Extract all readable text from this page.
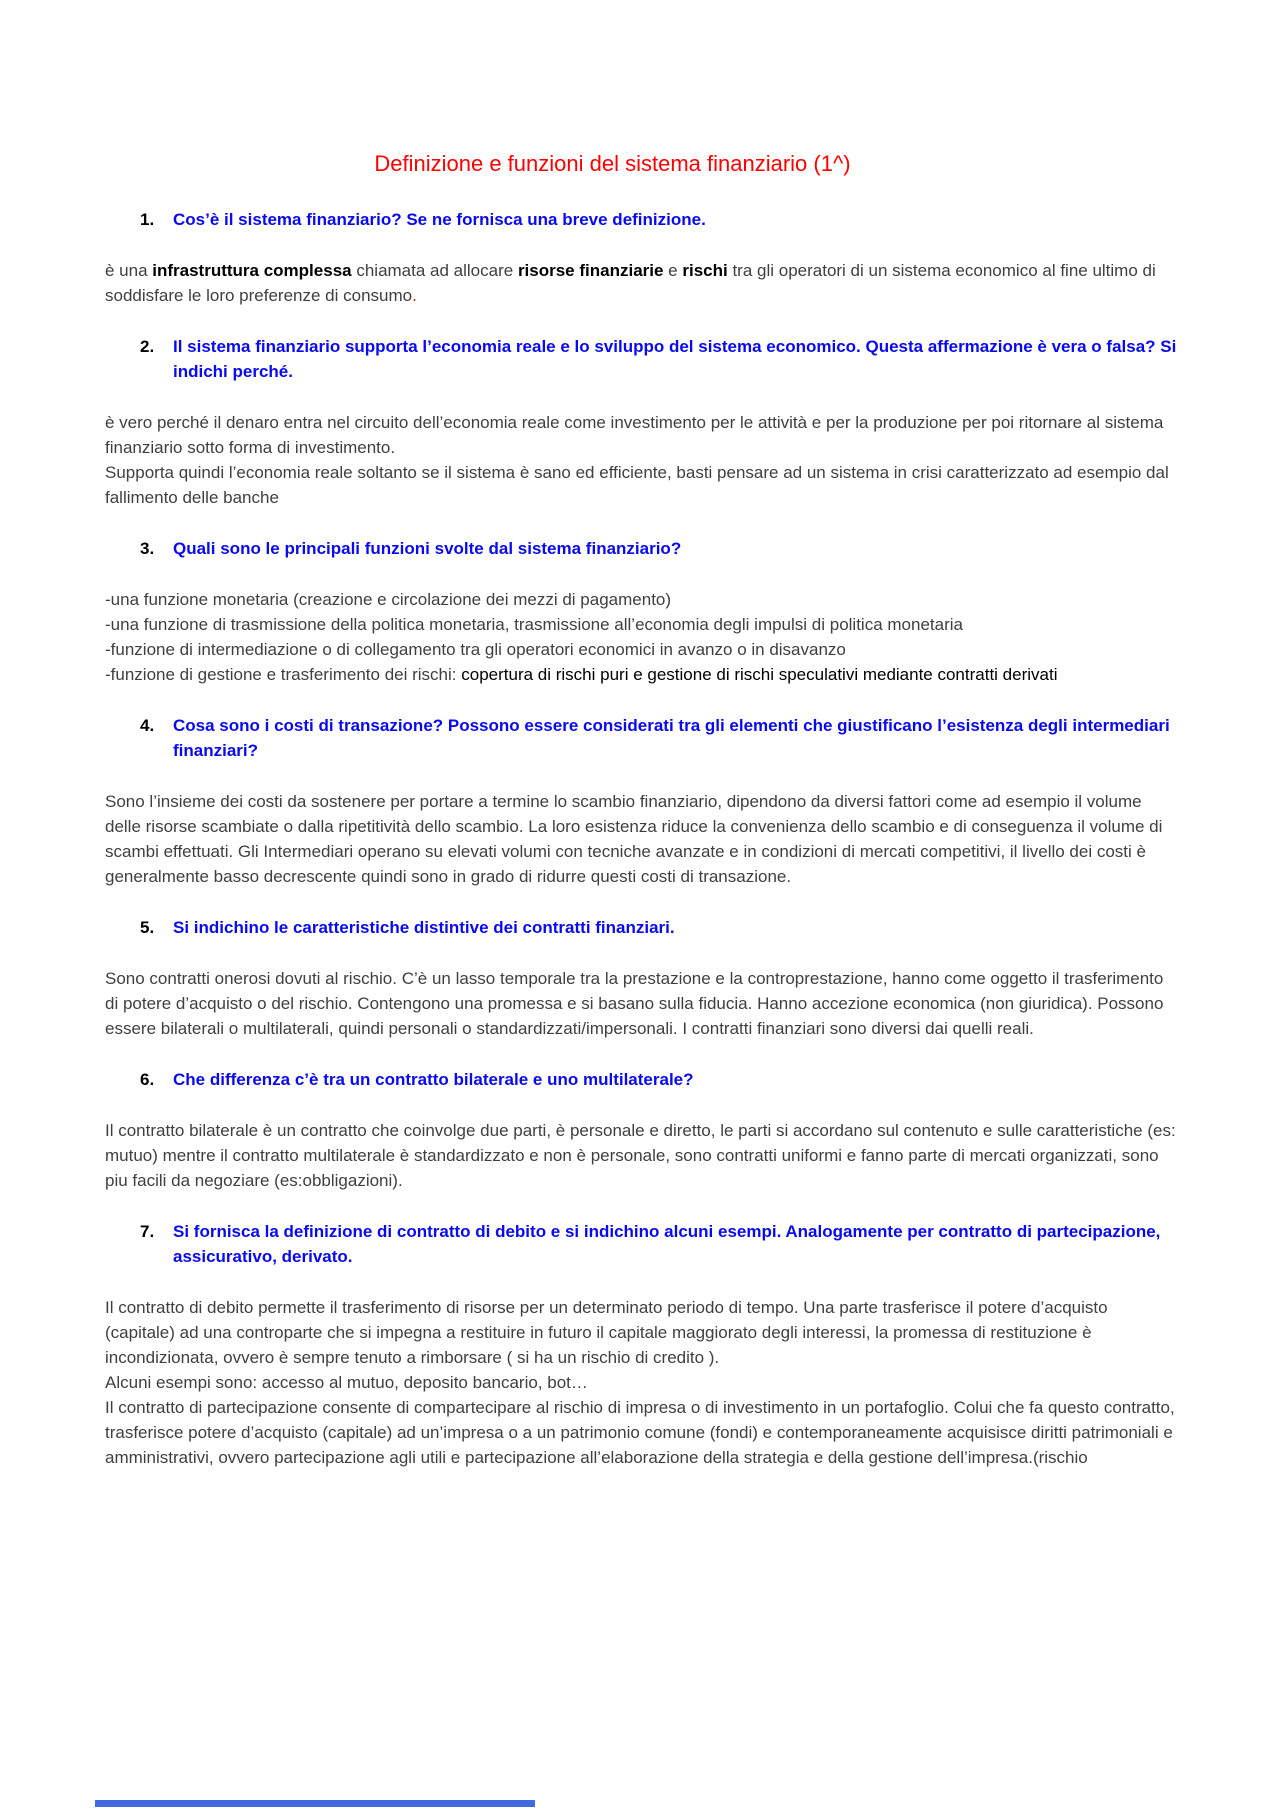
Definizione e funzioni del sistema finanziario (1^)
1.	Cos’è il sistema finanziario? Se ne fornisca una breve definizione.

è una infrastruttura complessa chiamata ad allocare risorse finanziarie e rischi tra gli operatori di un sistema economico al fine ultimo di soddisfare le loro preferenze di consumo.

2.	Il sistema finanziario supporta l’economia reale e lo sviluppo del sistema economico. Questa affermazione è vera o falsa? Si indichi perché.

è vero perché il denaro entra nel circuito dell’economia reale come investimento per le attività e per la produzione per poi ritornare al sistema finanziario sotto forma di investimento.

Supporta quindi l’economia reale soltanto se il sistema è sano ed efficiente, basti pensare ad un sistema in crisi caratterizzato ad esempio dal fallimento delle banche

3.	Quali sono le principali funzioni svolte dal sistema finanziario?

-una funzione monetaria (creazione e circolazione dei mezzi di pagamento)

-una funzione di trasmissione della politica monetaria, trasmissione all’economia degli impulsi di politica monetaria

-funzione di intermediazione o di collegamento tra gli operatori economici in avanzo o in disavanzo

-funzione di gestione e trasferimento dei rischi: copertura di rischi puri e gestione di rischi speculativi mediante contratti derivati

4.	Cosa sono i costi di transazione? Possono essere considerati tra gli elementi che giustificano l’esistenza degli intermediari finanziari?

Sono l’insieme dei costi da sostenere per portare a termine lo scambio finanziario, dipendono da diversi fattori come ad esempio il volume delle risorse scambiate o dalla ripetitività dello scambio. La loro esistenza riduce la convenienza dello scambio e di conseguenza il volume di scambi effettuati. Gli Intermediari operano su elevati volumi con tecniche avanzate e in condizioni di mercati competitivi, il livello dei costi è generalmente basso decrescente quindi sono in grado di ridurre questi costi di transazione.

5.	Si indichino le caratteristiche distintive dei contratti finanziari.

Sono contratti onerosi dovuti al rischio. C’è un lasso temporale tra la prestazione e la controprestazione, hanno come oggetto il trasferimento di potere d’acquisto o del rischio. Contengono una promessa e si basano sulla fiducia. Hanno accezione economica (non giuridica). Possono essere bilaterali o multilaterali, quindi personali o standardizzati/impersonali. I contratti finanziari sono diversi dai quelli reali.

6.	Che differenza c’è tra un contratto bilaterale e uno multilaterale?

Il contratto bilaterale è un contratto che coinvolge due parti, è personale e diretto, le parti si accordano sul contenuto e sulle caratteristiche (es: mutuo) mentre il contratto multilaterale è standardizzato e non è personale, sono contratti uniformi e fanno parte di mercati organizzati, sono piu facili da negoziare (es:obbligazioni).

7.	Si fornisca la definizione di contratto di debito e si indichino alcuni esempi. Analogamente per contratto di partecipazione, assicurativo, derivato.

Il contratto di debito permette il trasferimento di risorse per un determinato periodo di tempo. Una parte trasferisce il potere d’acquisto (capitale) ad una controparte che si impegna a restituire in futuro il capitale maggiorato degli interessi, la promessa di restituzione è incondizionata, ovvero è sempre tenuto a rimborsare ( si ha un rischio di credito ).

Alcuni esempi sono: accesso al mutuo, deposito bancario, bot…

Il contratto di partecipazione consente di compartecipare al rischio di impresa o di investimento in un portafoglio. Colui che fa questo contratto, trasferisce potere d’acquisto (capitale) ad un’impresa o a un patrimonio comune (fondi) e contemporaneamente acquisisce diritti patrimoniali e amministrativi, ovvero partecipazione agli utili e partecipazione all’elaborazione della strategia e della gestione dell’impresa.(rischio
